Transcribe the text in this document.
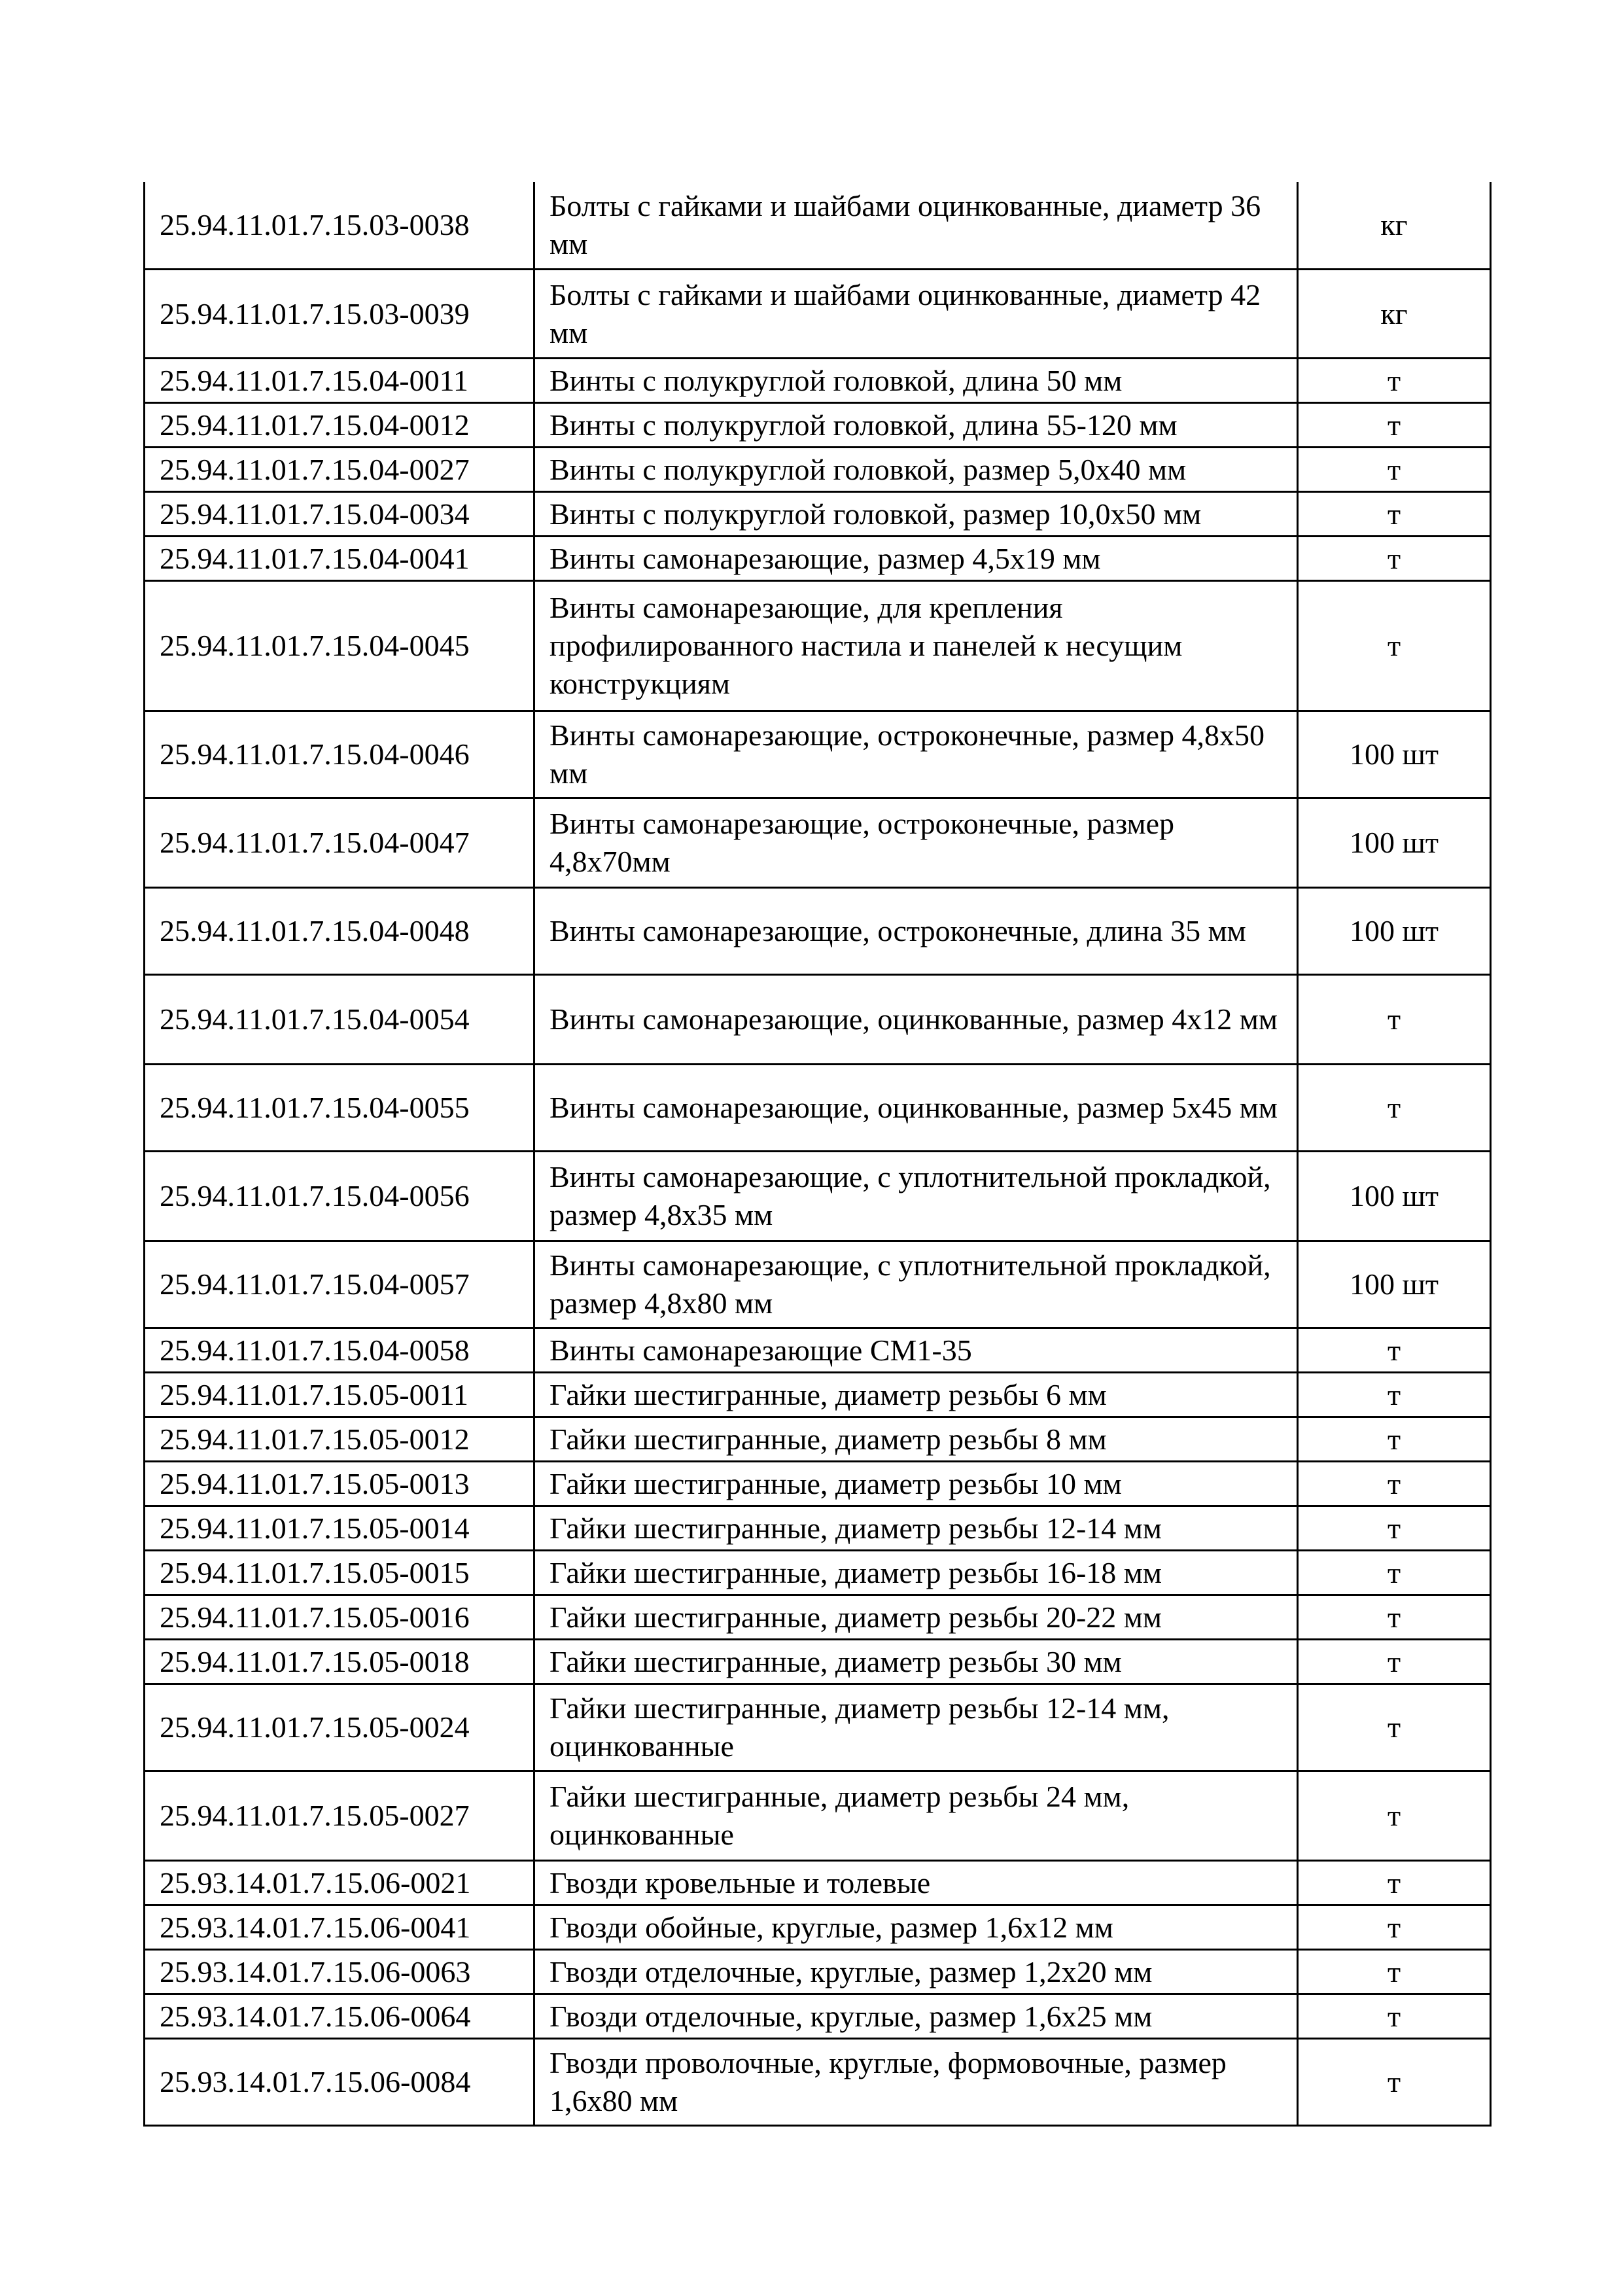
25.94.11.01.7.15.03-0038	Болты с гайками и шайбами оцинкованные, диаметр 36 мм	кг
25.94.11.01.7.15.03-0039	Болты с гайками и шайбами оцинкованные, диаметр 42 мм	кг
25.94.11.01.7.15.04-0011	Винты с полукруглой головкой, длина 50 мм	т
25.94.11.01.7.15.04-0012	Винты с полукруглой головкой, длина 55-120 мм	т
25.94.11.01.7.15.04-0027	Винты с полукруглой головкой, размер 5,0х40 мм	т
25.94.11.01.7.15.04-0034	Винты с полукруглой головкой, размер 10,0х50 мм	т
25.94.11.01.7.15.04-0041	Винты самонарезающие, размер 4,5х19 мм	т
25.94.11.01.7.15.04-0045	Винты самонарезающие, для крепления профилированного настила и панелей к несущим конструкциям	т
25.94.11.01.7.15.04-0046	Винты самонарезающие, остроконечные, размер 4,8х50 мм	100 шт
25.94.11.01.7.15.04-0047	Винты самонарезающие, остроконечные, размер 4,8х70мм	100 шт
25.94.11.01.7.15.04-0048	Винты самонарезающие, остроконечные, длина 35 мм	100 шт
25.94.11.01.7.15.04-0054	Винты самонарезающие, оцинкованные, размер 4х12 мм	т
25.94.11.01.7.15.04-0055	Винты самонарезающие, оцинкованные, размер 5х45 мм	т
25.94.11.01.7.15.04-0056	Винты самонарезающие, с уплотнительной прокладкой, размер 4,8х35 мм	100 шт
25.94.11.01.7.15.04-0057	Винты самонарезающие, с уплотнительной прокладкой, размер 4,8х80 мм	100 шт
25.94.11.01.7.15.04-0058	Винты самонарезающие СМ1-35	т
25.94.11.01.7.15.05-0011	Гайки шестигранные, диаметр резьбы 6 мм	т
25.94.11.01.7.15.05-0012	Гайки шестигранные, диаметр резьбы 8 мм	т
25.94.11.01.7.15.05-0013	Гайки шестигранные, диаметр резьбы 10 мм	т
25.94.11.01.7.15.05-0014	Гайки шестигранные, диаметр резьбы 12-14 мм	т
25.94.11.01.7.15.05-0015	Гайки шестигранные, диаметр резьбы 16-18 мм	т
25.94.11.01.7.15.05-0016	Гайки шестигранные, диаметр резьбы 20-22 мм	т
25.94.11.01.7.15.05-0018	Гайки шестигранные, диаметр резьбы 30 мм	т
25.94.11.01.7.15.05-0024	Гайки шестигранные, диаметр резьбы 12-14 мм, оцинкованные	т
25.94.11.01.7.15.05-0027	Гайки шестигранные, диаметр резьбы 24 мм, оцинкованные	т
25.93.14.01.7.15.06-0021	Гвозди кровельные и толевые	т
25.93.14.01.7.15.06-0041	Гвозди обойные, круглые, размер 1,6х12 мм	т
25.93.14.01.7.15.06-0063	Гвозди отделочные, круглые, размер 1,2х20 мм	т
25.93.14.01.7.15.06-0064	Гвозди отделочные, круглые, размер 1,6х25 мм	т
25.93.14.01.7.15.06-0084	Гвозди проволочные, круглые, формовочные, размер 1,6х80 мм	т
